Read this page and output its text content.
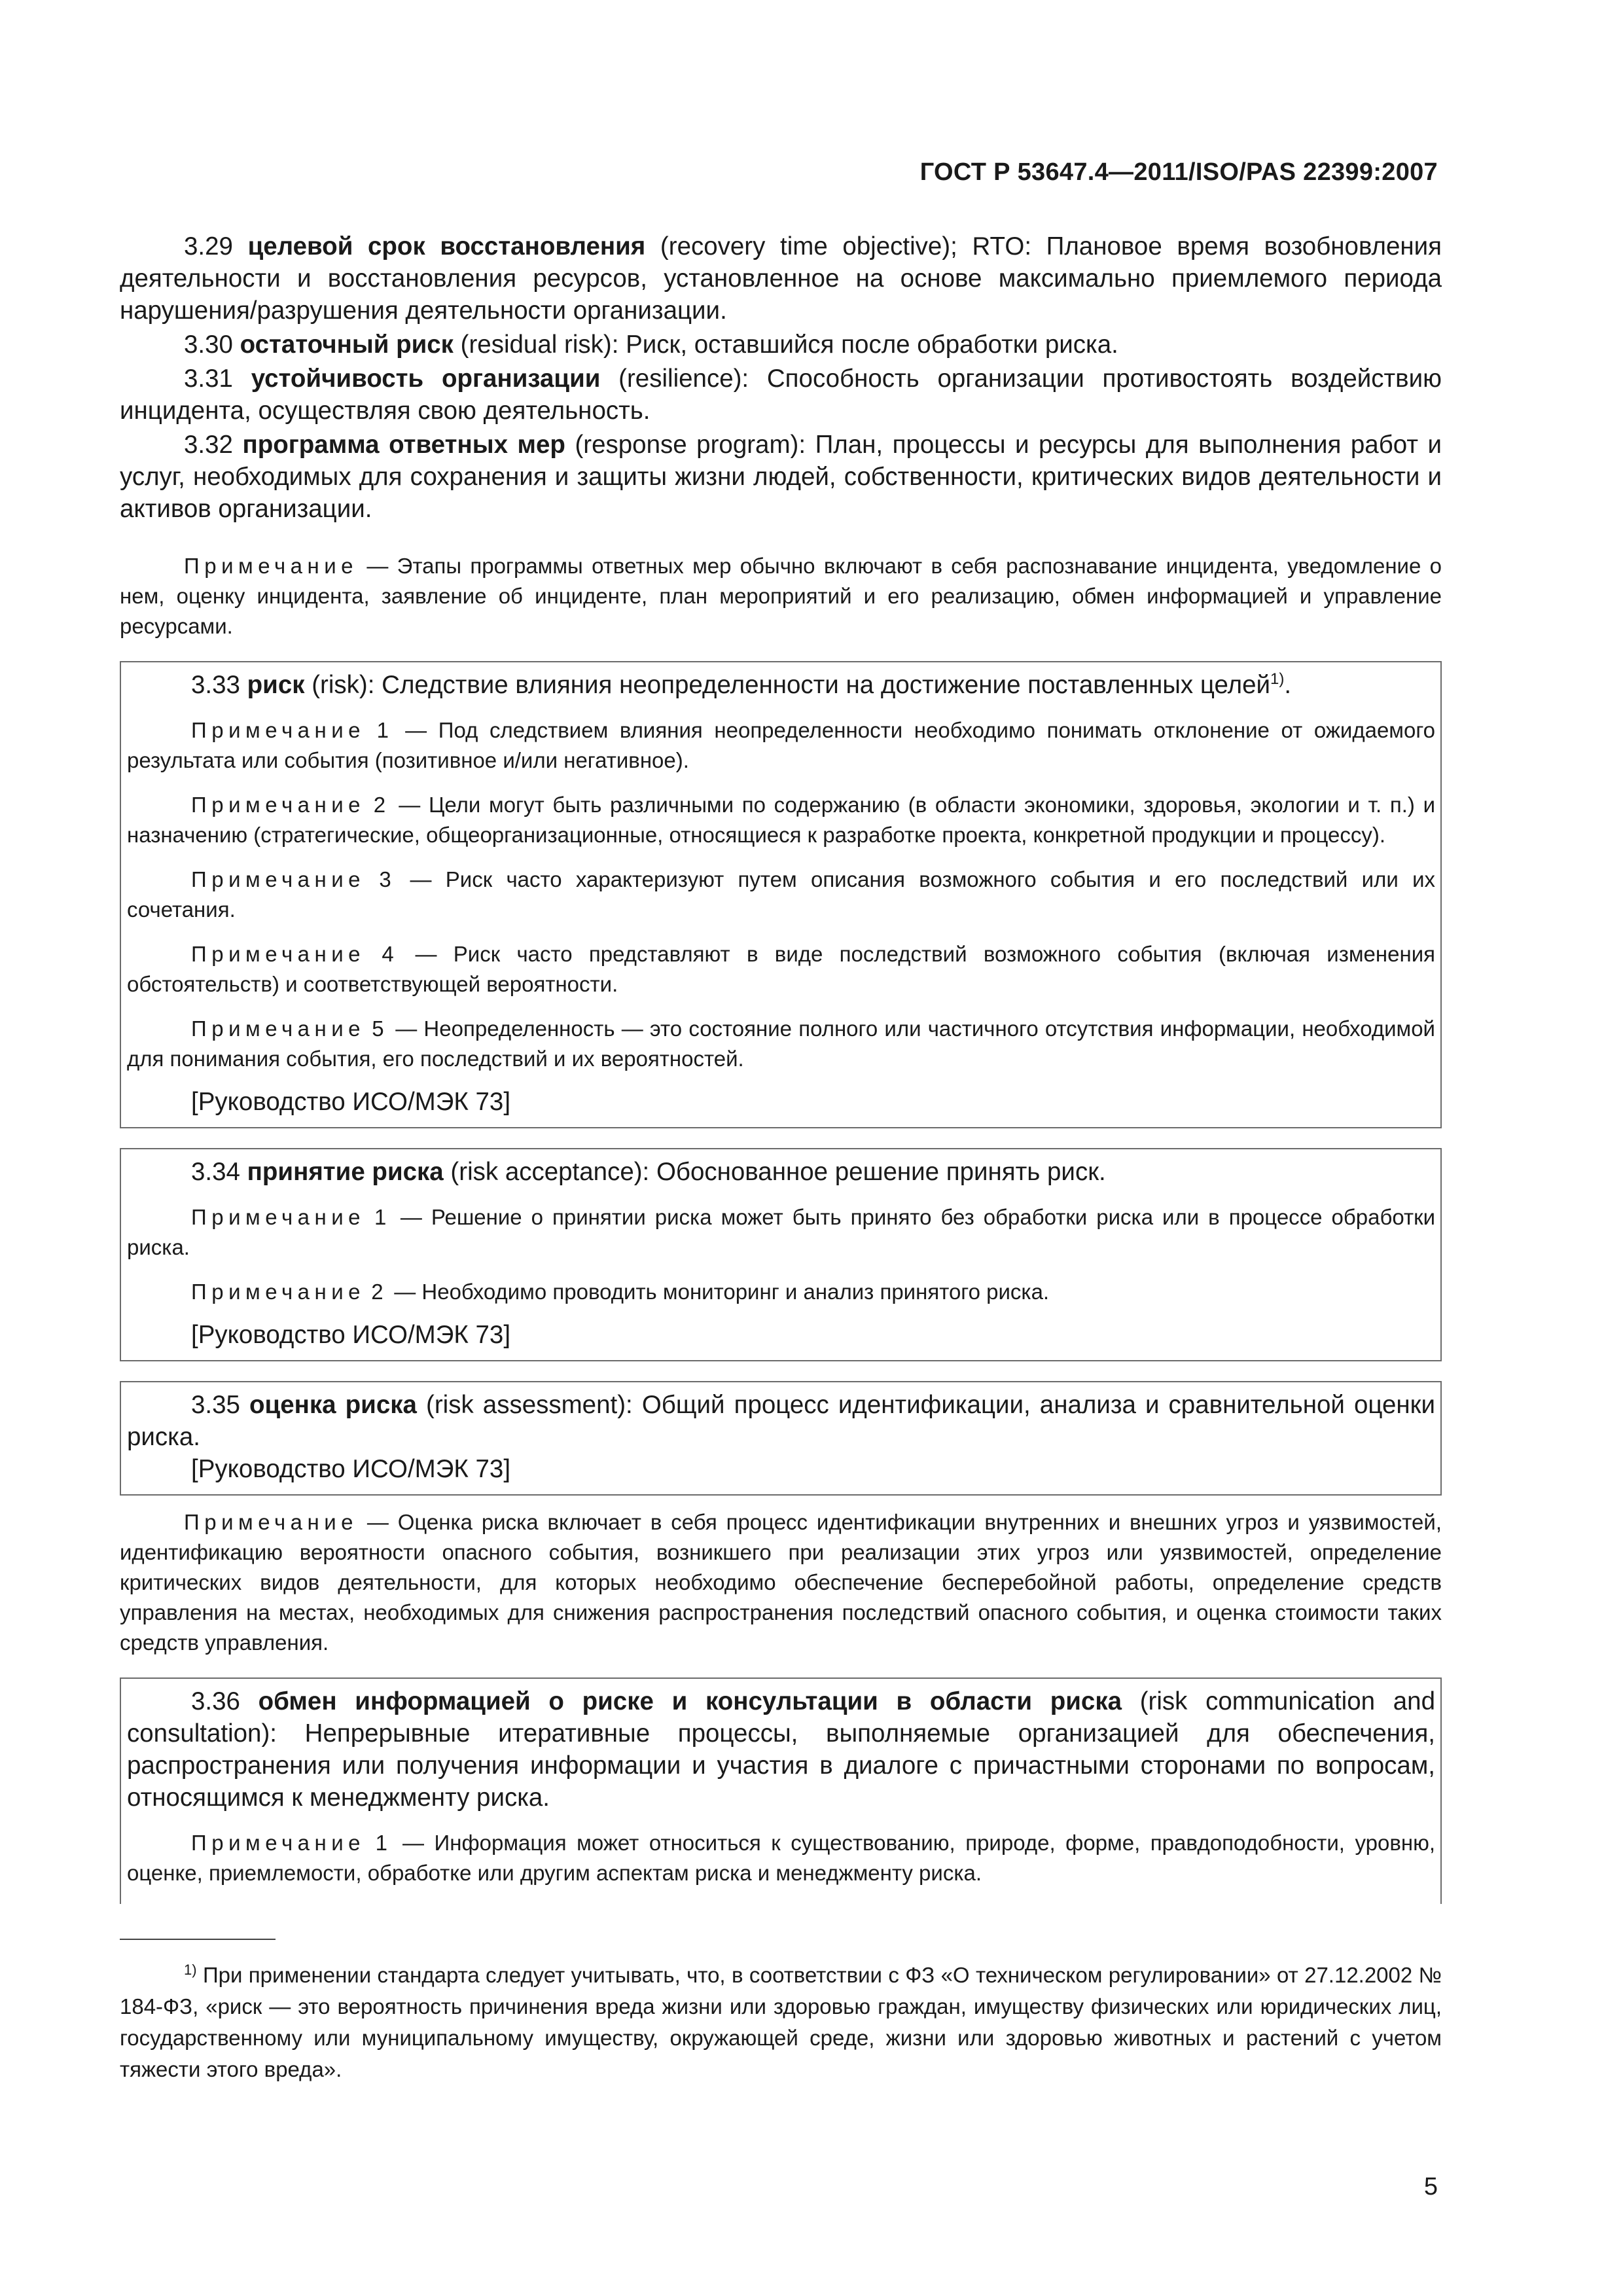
ГОСТ Р 53647.4—2011/ISO/PAS 22399:2007

3.29 целевой срок восстановления (recovery time objective); RTO: Плановое время возобновления деятельности и восстановления ресурсов, установленное на основе максимально приемлемого периода нарушения/разрушения деятельности организации.

3.30 остаточный риск (residual risk): Риск, оставшийся после обработки риска.

3.31 устойчивость организации (resilience): Способность организации противостоять воздействию инцидента, осуществляя свою деятельность.

3.32 программа ответных мер (response program): План, процессы и ресурсы для выполнения работ и услуг, необходимых для сохранения и защиты жизни людей, собственности, критических видов деятельности и активов организации.

Примечание — Этапы программы ответных мер обычно включают в себя распознавание инцидента, уведомление о нем, оценку инцидента, заявление об инциденте, план мероприятий и его реализацию, обмен информацией и управление ресурсами.

3.33 риск (risk): Следствие влияния неопределенности на достижение поставленных целей$^{1)}$.

Примечание 1 — Под следствием влияния неопределенности необходимо понимать отклонение от ожидаемого результата или события (позитивное и/или негативное).

Примечание 2 — Цели могут быть различными по содержанию (в области экономики, здоровья, экологии и т. п.) и назначению (стратегические, общеорганизационные, относящиеся к разработке проекта, конкретной продукции и процессу).

Примечание 3 — Риск часто характеризуют путем описания возможного события и его последствий или их сочетания.

Примечание 4 — Риск часто представляют в виде последствий возможного события (включая изменения обстоятельств) и соответствующей вероятности.

Примечание 5 — Неопределенность — это состояние полного или частичного отсутствия информации, необходимой для понимания события, его последствий и их вероятностей.

[Руководство ИСО/МЭК 73]

3.34 принятие риска (risk acceptance): Обоснованное решение принять риск.

Примечание 1 — Решение о принятии риска может быть принято без обработки риска или в процессе обработки риска.

Примечание 2 — Необходимо проводить мониторинг и анализ принятого риска.

[Руководство ИСО/МЭК 73]

3.35 оценка риска (risk assessment): Общий процесс идентификации, анализа и сравнительной оценки риска.

[Руководство ИСО/МЭК 73]

Примечание — Оценка риска включает в себя процесс идентификации внутренних и внешних угроз и уязвимостей, идентификацию вероятности опасного события, возникшего при реализации этих угроз или уязвимостей, определение критических видов деятельности, для которых необходимо обеспечение бесперебойной работы, определение средств управления на местах, необходимых для снижения распространения последствий опасного события, и оценка стоимости таких средств управления.

3.36 обмен информацией о риске и консультации в области риска (risk communication and consultation): Непрерывные итеративные процессы, выполняемые организацией для обеспечения, распространения или получения информации и участия в диалоге с причастными сторонами по вопросам, относящимся к менеджменту риска.

Примечание 1 — Информация может относиться к существованию, природе, форме, правдоподобности, уровню, оценке, приемлемости, обработке или другим аспектам риска и менеджменту риска.

$^{1)}$ При применении стандарта следует учитывать, что, в соответствии с ФЗ «О техническом регулировании» от 27.12.2002 № 184-ФЗ, «риск — это вероятность причинения вреда жизни или здоровью граждан, имуществу физических или юридических лиц, государственному или муниципальному имуществу, окружающей среде, жизни или здоровью животных и растений с учетом тяжести этого вреда».

5
